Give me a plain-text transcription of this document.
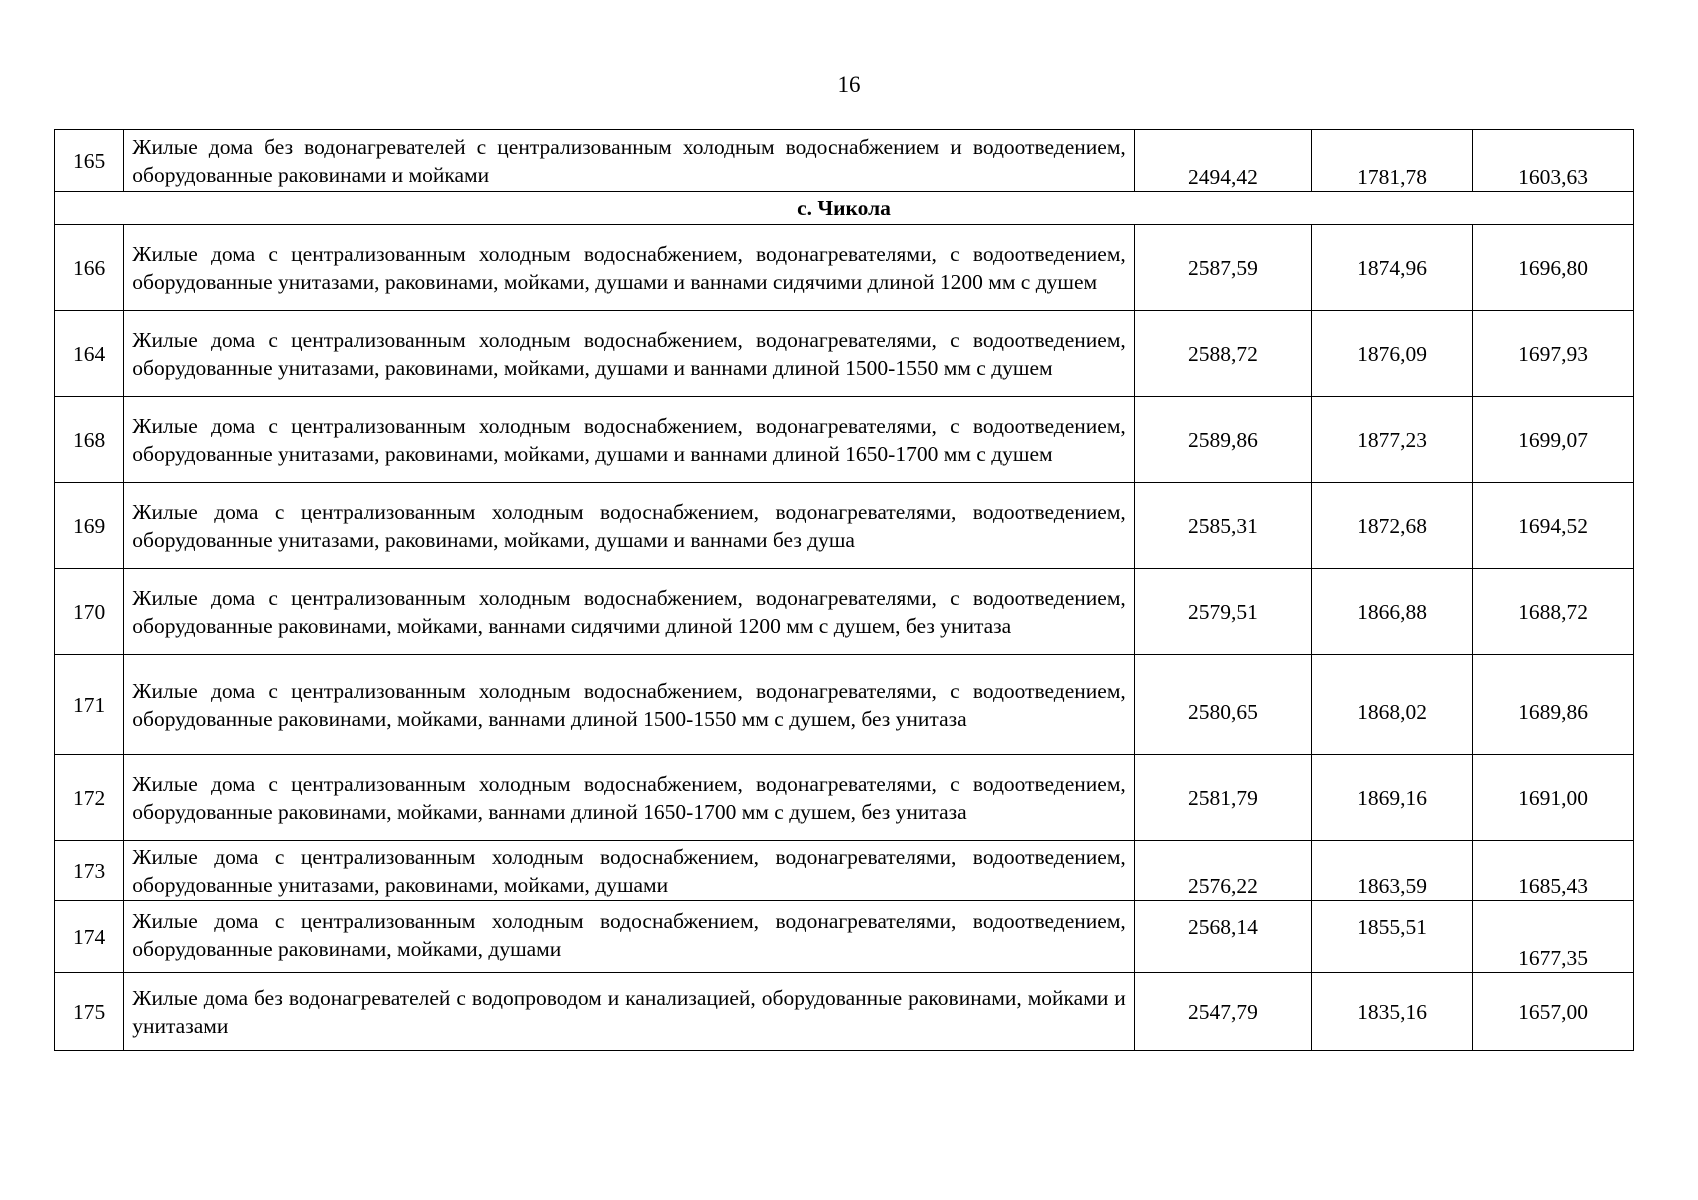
16
165	Жилые дома без водонагревателей с централизованным холодным водоснабжением и водоотведением, оборудованные раковинами и мойками	2494,42	1781,78	1603,63
с. Чикола				
166	Жилые дома с централизованным холодным водоснабжением, водонагревателями, с водоотведением, оборудованные унитазами, раковинами, мойками, душами и ваннами сидячими длиной 1200 мм с душем	2587,59	1874,96	1696,80
164	Жилые дома с централизованным холодным водоснабжением, водонагревателями, с водоотведением, оборудованные унитазами, раковинами, мойками, душами и ваннами длиной 1500-1550 мм с душем	2588,72	1876,09	1697,93
168	Жилые дома с централизованным холодным водоснабжением, водонагревателями, с водоотведением, оборудованные унитазами, раковинами, мойками, душами и ваннами длиной 1650-1700 мм с душем	2589,86	1877,23	1699,07
169	Жилые дома с централизованным холодным водоснабжением, водонагревателями, водоотведением, оборудованные унитазами, раковинами, мойками, душами и ваннами без душа	2585,31	1872,68	1694,52
170	Жилые дома с централизованным холодным водоснабжением, водонагревателями, с водоотведением, оборудованные раковинами, мойками, ваннами сидячими длиной 1200 мм с душем, без унитаза	2579,51	1866,88	1688,72
171	Жилые дома с централизованным холодным водоснабжением, водонагревателями, с водоотведением, оборудованные раковинами, мойками, ваннами длиной 1500-1550 мм с душем, без унитаза	2580,65	1868,02	1689,86
172	Жилые дома с централизованным холодным водоснабжением, водонагревателями, с водоотведением, оборудованные раковинами, мойками, ваннами длиной 1650-1700 мм с душем, без унитаза	2581,79	1869,16	1691,00
173	Жилые дома с централизованным холодным водоснабжением, водонагревателями, водоотведением, оборудованные унитазами, раковинами, мойками, душами	2576,22	1863,59	1685,43
174	Жилые дома с централизованным холодным водоснабжением, водонагревателями, водоотведением, оборудованные раковинами, мойками, душами	2568,14	1855,51	1677,35
175	Жилые дома без водонагревателей с водопроводом и канализацией, оборудованные раковинами, мойками и унитазами	2547,79	1835,16	1657,00
